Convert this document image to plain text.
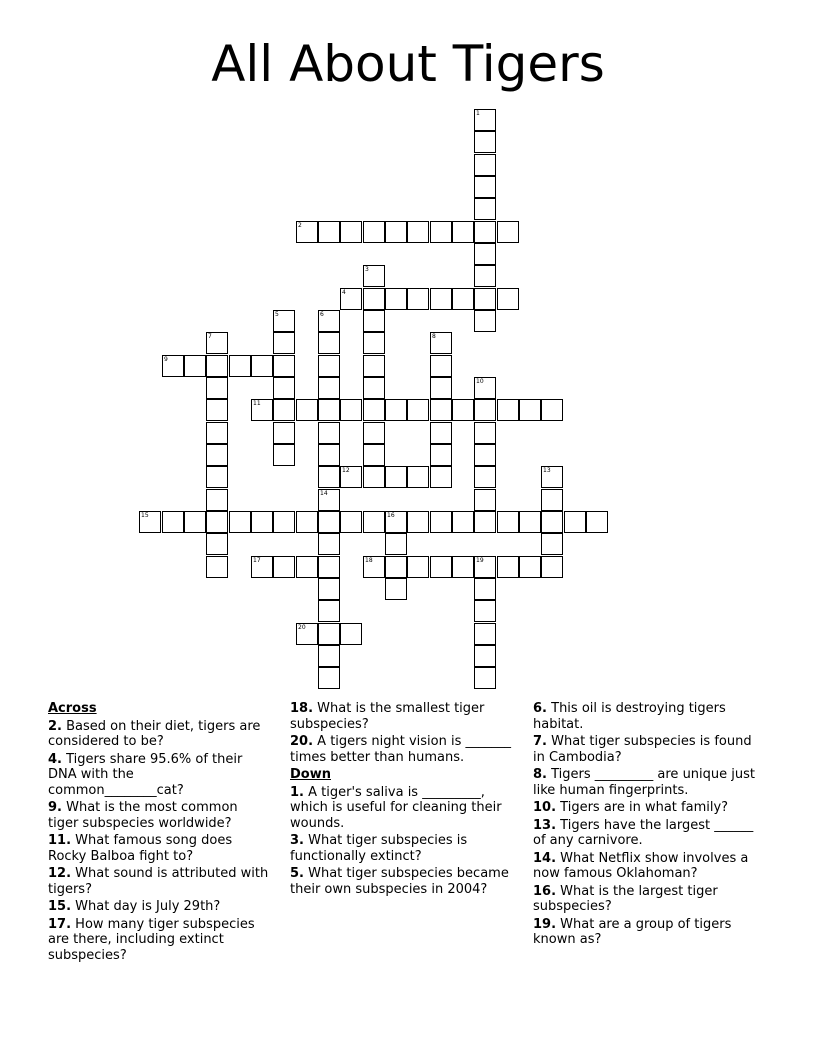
All About Tigers
1
2
3
4
5	6
7	8
9
10
11
12	13
14
15	16
17	18	19
20
Across
2. Based on their diet, tigers are considered to be?
4. Tigers share 95.6% of their DNA with the common________cat?
9. What is the most common tiger subspecies worldwide?
11. What famous song does Rocky Balboa fight to?
12. What sound is attributed with tigers?
15. What day is July 29th?
17. How many tiger subspecies are there, including extinct subspecies?
18. What is the smallest tiger subspecies?
20. A tigers night vision is _______ times better than humans.
Down
1. A tiger's saliva is _________, which is useful for cleaning their wounds.
3. What tiger subspecies is functionally extinct?
5. What tiger subspecies became their own subspecies in 2004?
6. This oil is destroying tigers habitat.
7. What tiger subspecies is found in Cambodia?
8. Tigers _________ are unique just like human fingerprints.
10. Tigers are in what family?
13. Tigers have the largest ______ of any carnivore.
14. What Netflix show involves a now famous Oklahoman?
16. What is the largest tiger subspecies?
19. What are a group of tigers known as?
